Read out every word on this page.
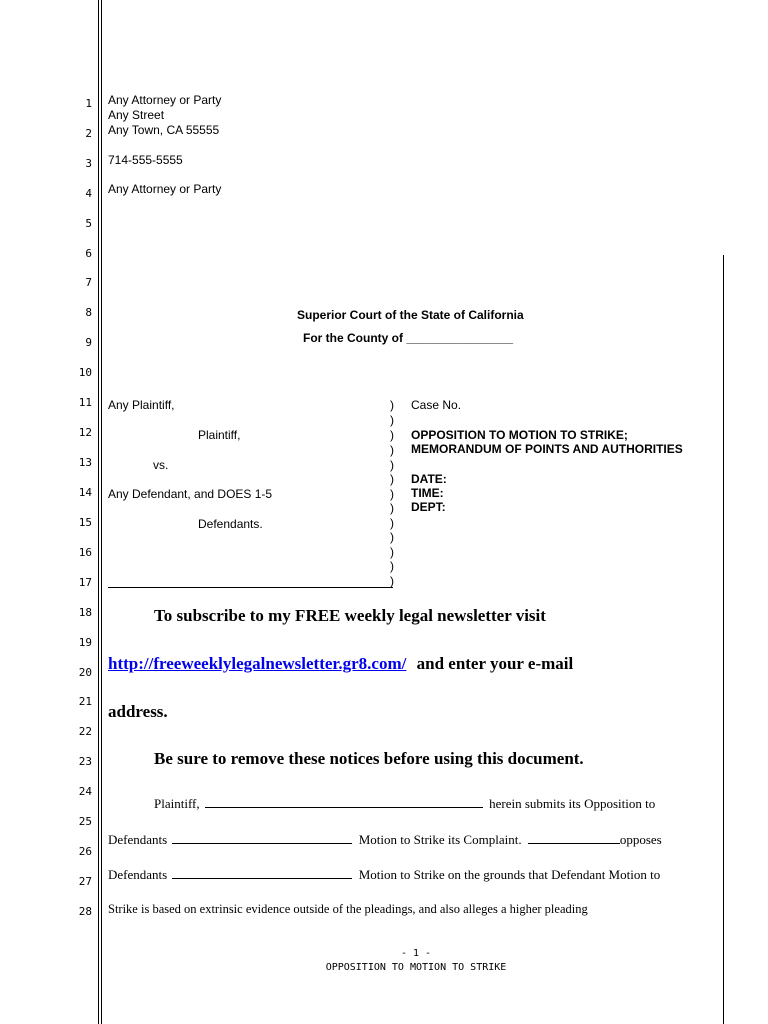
1
2
3
4
5
6
7
8
9
10
11
12
13
14
15
16
17
18
19
20
21
22
23
24
25
26
27
28
Any Attorney or Party
Any Street
Any Town, CA 55555
714-555-5555
Any Attorney or Party
Superior Court of the State of California
For the County of ________________
Any Plaintiff,
Plaintiff,
vs.
Any Defendant, and DOES 1-5
Defendants.
)
)
)
)
)
)
)
)
)
)
)
)
)
Case No.
OPPOSITION TO MOTION TO STRIKE;
MEMORANDUM OF POINTS AND AUTHORITIES
DATE:
TIME:
DEPT:
To subscribe to my FREE weekly legal newsletter visit
http://freeweeklylegalnewsletter.gr8.com/ and enter your e-mail
address.
Be sure to remove these notices before using this document.
Plaintiff,	herein submits its Opposition to
Defendants	Motion to Strike its Complaint.	opposes
Defendants	Motion to Strike on the grounds that Defendant Motion to
Strike is based on extrinsic evidence outside of the pleadings, and also alleges a higher pleading
- 1 -
OPPOSITION TO MOTION TO STRIKE
